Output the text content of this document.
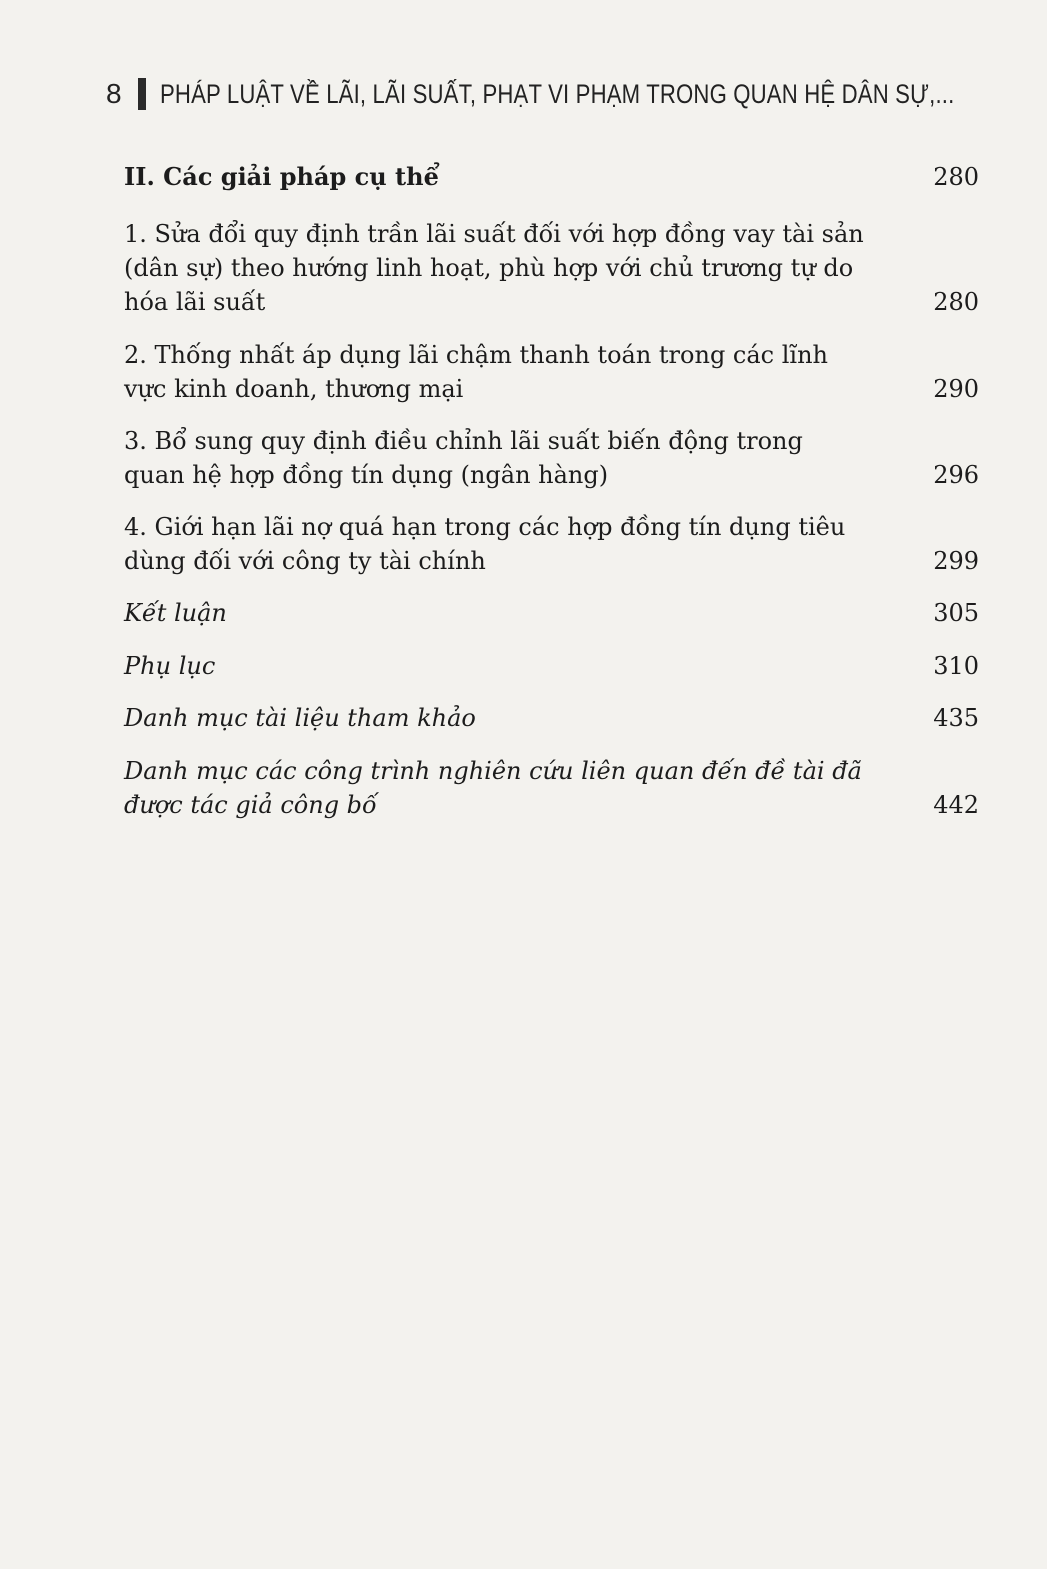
8 PHÁP LUẬT VỀ LÃI, LÃI SUẤT, PHẠT VI PHẠM TRONG QUAN HỆ DÂN SỰ,...
II. Các giải pháp cụ thể	280
1. Sửa đổi quy định trần lãi suất đối với hợp đồng vay tài sản (dân sự) theo hướng linh hoạt, phù hợp với chủ trương tự do hóa lãi suất	280
2. Thống nhất áp dụng lãi chậm thanh toán trong các lĩnh vực kinh doanh, thương mại	290
3. Bổ sung quy định điều chỉnh lãi suất biến động trong quan hệ hợp đồng tín dụng (ngân hàng)	296
4. Giới hạn lãi nợ quá hạn trong các hợp đồng tín dụng tiêu dùng đối với công ty tài chính	299
Kết luận	305
Phụ lục	310
Danh mục tài liệu tham khảo	435
Danh mục các công trình nghiên cứu liên quan đến đề tài đã được tác giả công bố	442
